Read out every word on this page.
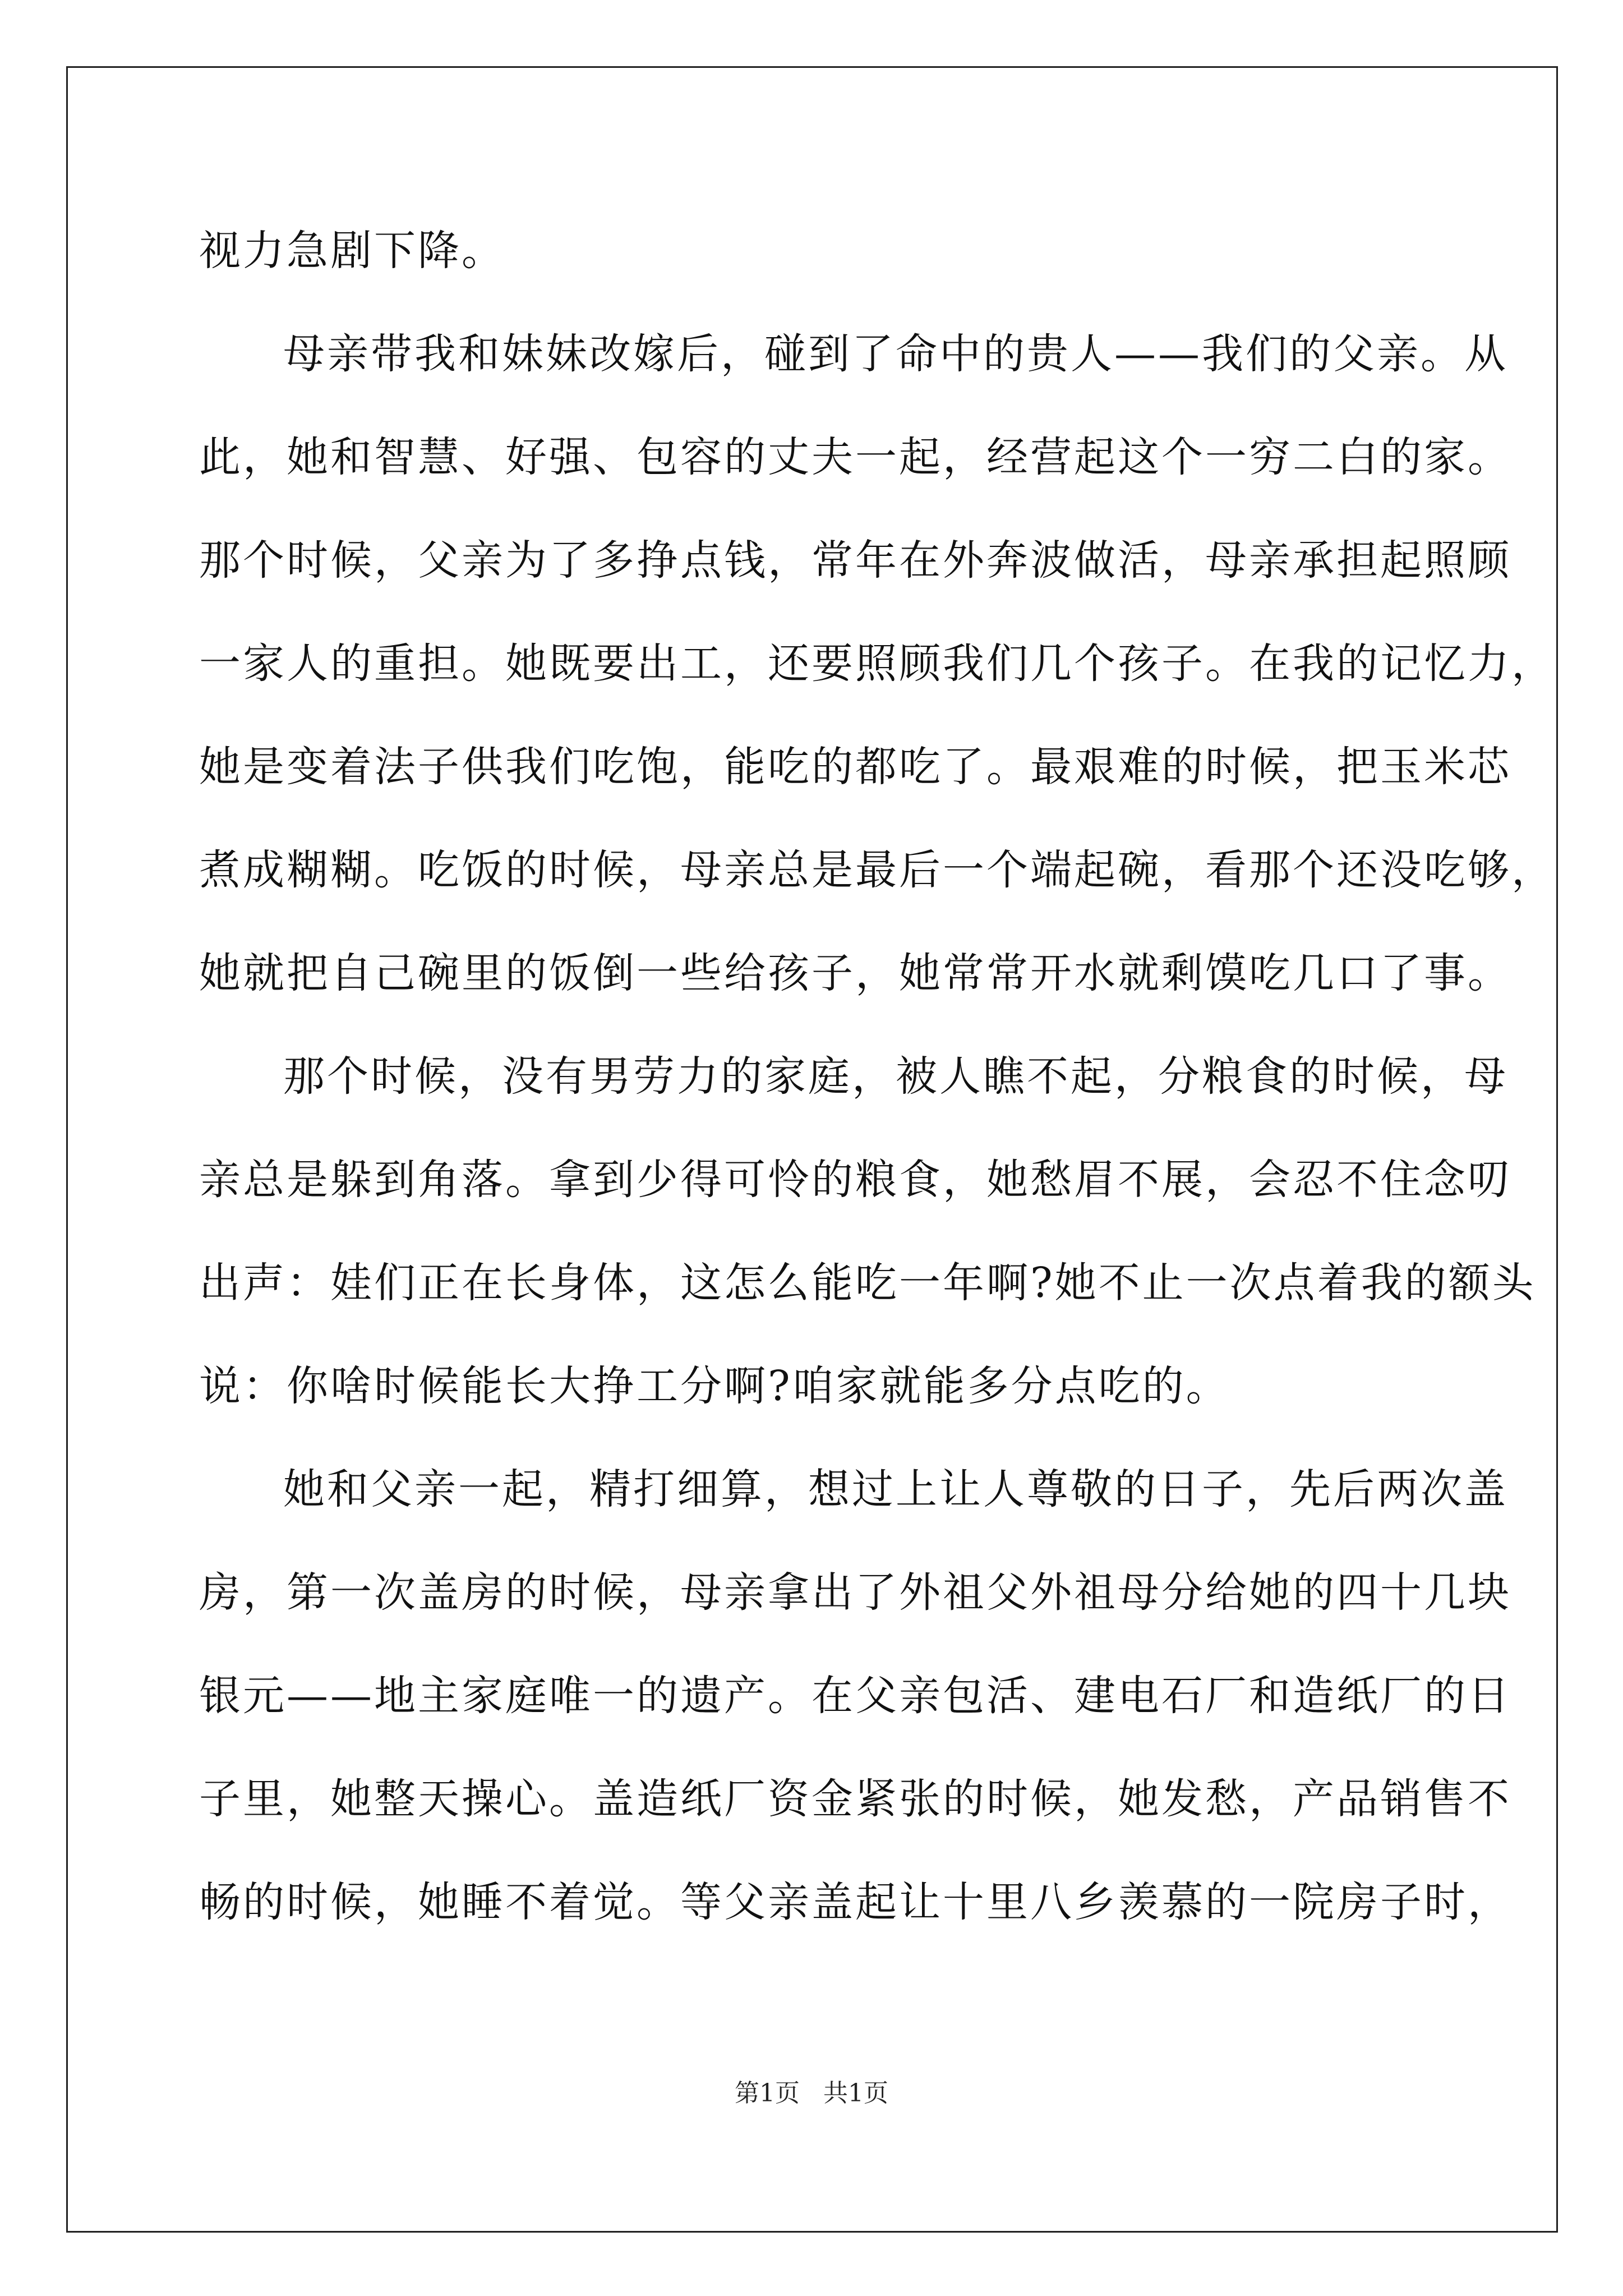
视力急剧下降。
母亲带我和妹妹改嫁后，碰到了命中的贵人——我们的父亲。从
此，她和智慧、好强、包容的丈夫一起，经营起这个一穷二白的家。
那个时候，父亲为了多挣点钱，常年在外奔波做活，母亲承担起照顾
一家人的重担。她既要出工，还要照顾我们几个孩子。在我的记忆力，
她是变着法子供我们吃饱，能吃的都吃了。最艰难的时候，把玉米芯
煮成糊糊。吃饭的时候，母亲总是最后一个端起碗，看那个还没吃够，
她就把自己碗里的饭倒一些给孩子，她常常开水就剩馍吃几口了事。
那个时候，没有男劳力的家庭，被人瞧不起，分粮食的时候，母
亲总是躲到角落。拿到少得可怜的粮食，她愁眉不展，会忍不住念叨
出声：娃们正在长身体，这怎么能吃一年啊?她不止一次点着我的额头
说：你啥时候能长大挣工分啊?咱家就能多分点吃的。
她和父亲一起，精打细算，想过上让人尊敬的日子，先后两次盖
房，第一次盖房的时候，母亲拿出了外祖父外祖母分给她的四十几块
银元——地主家庭唯一的遗产。在父亲包活、建电石厂和造纸厂的日
子里，她整天操心。盖造纸厂资金紧张的时候，她发愁，产品销售不
畅的时候，她睡不着觉。等父亲盖起让十里八乡羡慕的一院房子时，
第1页 共1页
